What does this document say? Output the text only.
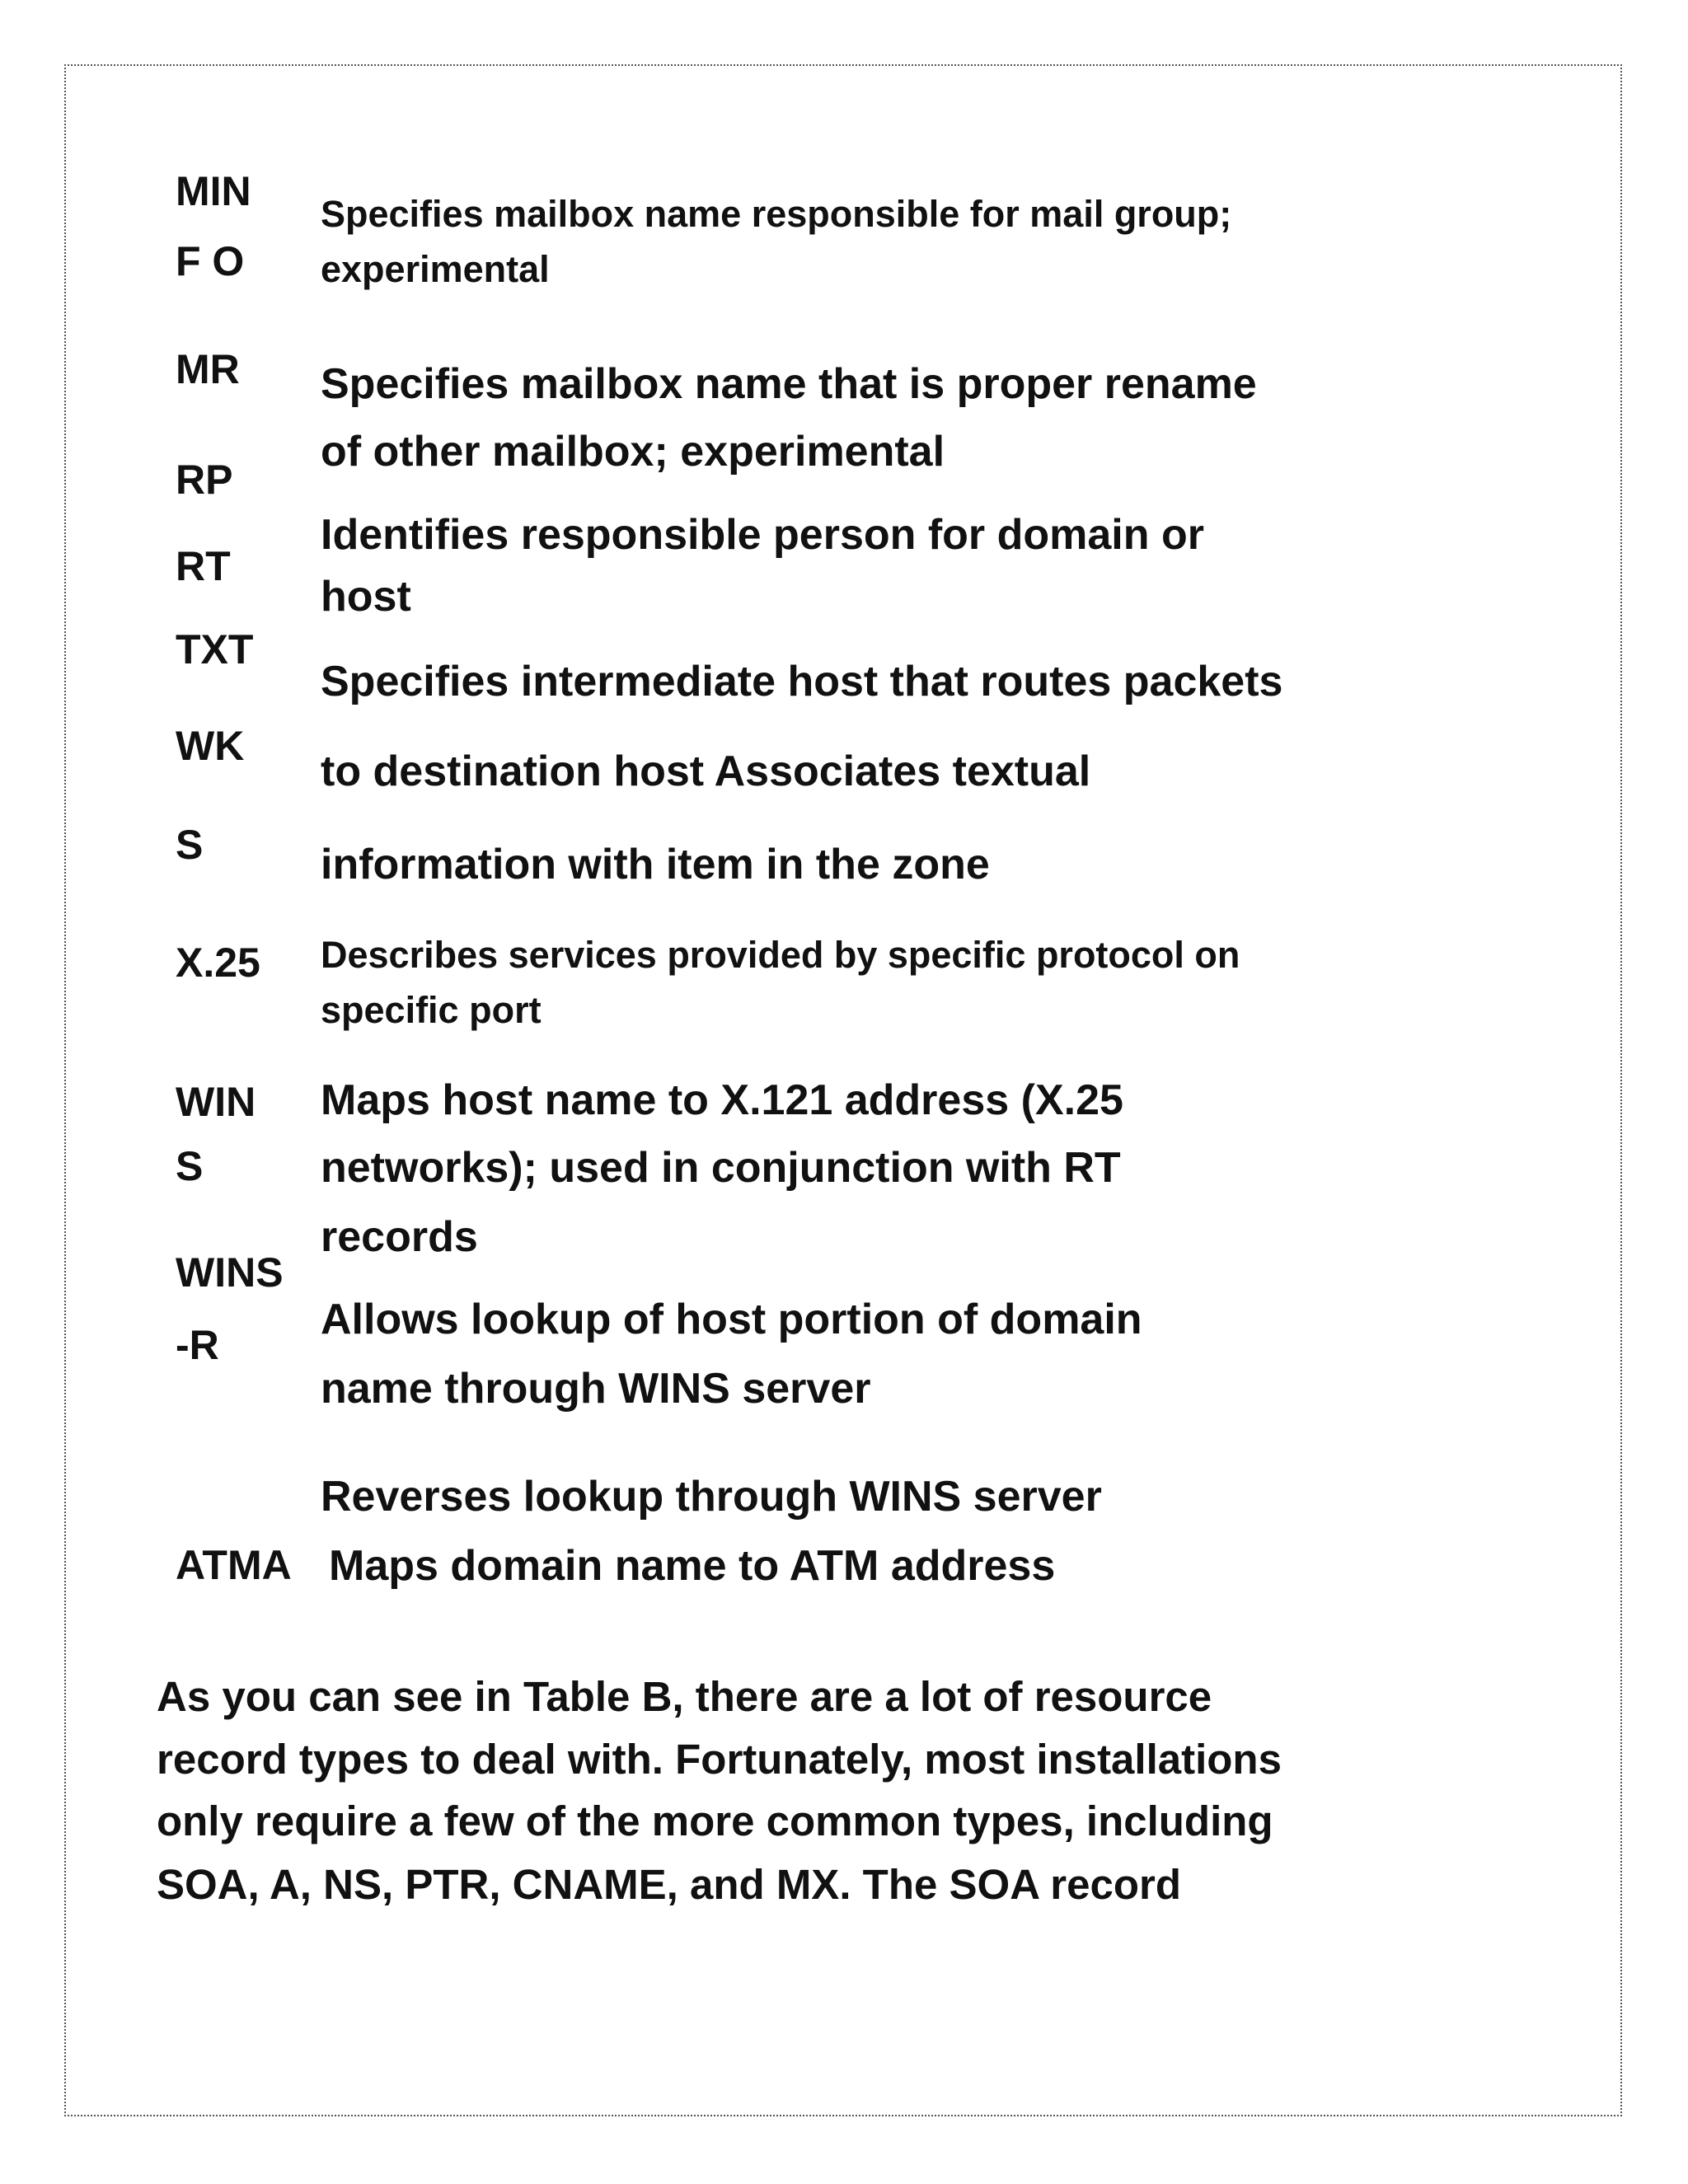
MIN
F O
MR
RP
RT
TXT
WK
S
X.25
WIN
S
WINS
-R
ATMA
Specifies mailbox name responsible for mail group;
experimental
Specifies mailbox name that is proper rename
of other mailbox; experimental
Identifies responsible person for domain or
host
Specifies intermediate host that routes packets
to destination host Associates textual
information with item in the zone
Describes services provided by specific protocol on
specific port
Maps host name to X.121 address (X.25
networks); used in conjunction with RT
records
Allows lookup of host portion of domain
name through WINS server
Reverses lookup through WINS server
Maps domain name to ATM address
As you can see in Table B, there are a lot of resource
record types to deal with. Fortunately, most installations
only require a few of the more common types, including
SOA, A, NS, PTR, CNAME, and MX. The SOA record
